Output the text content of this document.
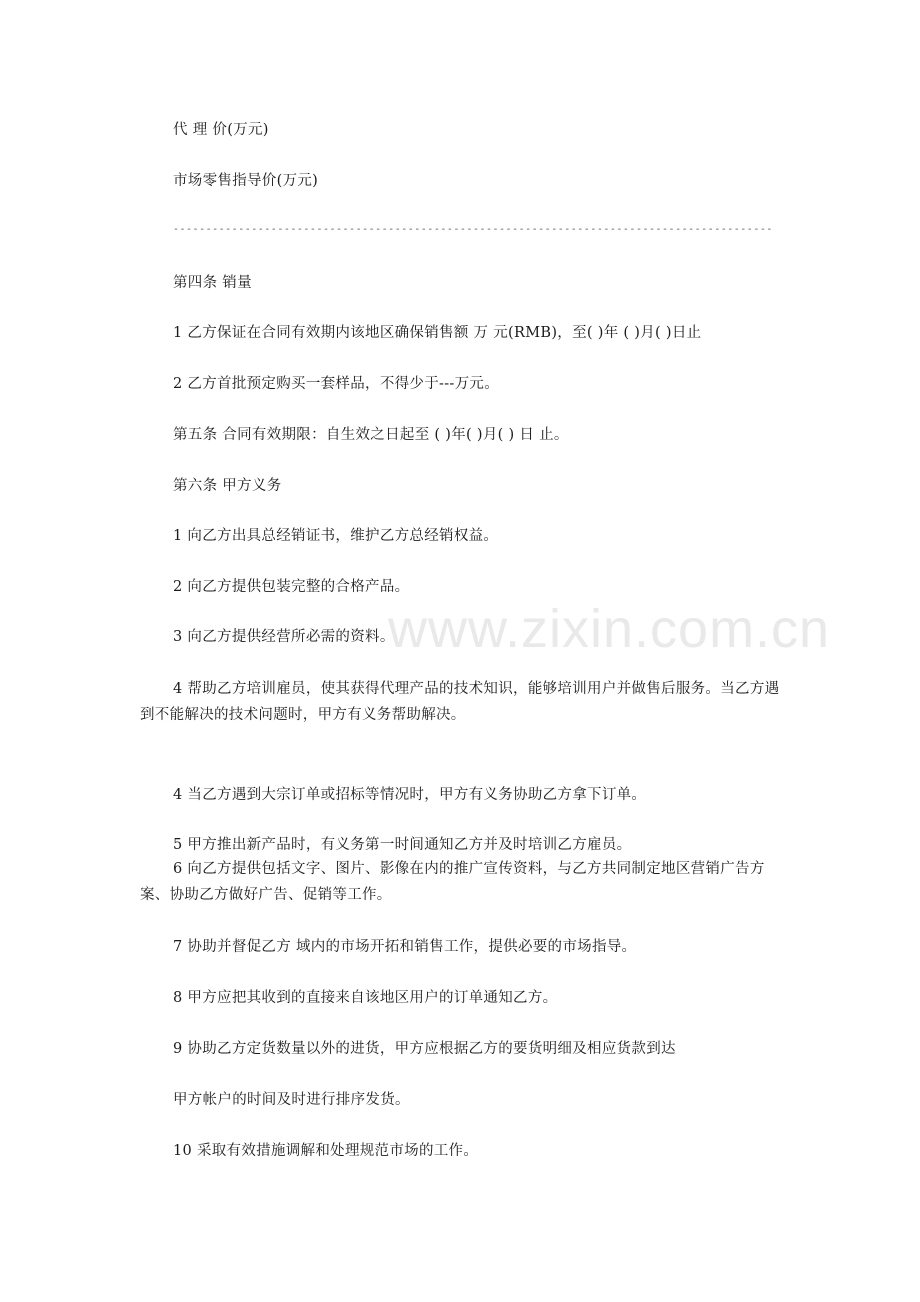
www.zixin.com.cn
代 理 价(万元)
市场零售指导价(万元)
--------------------------------------------------------------------------------------------
第四条 销量
1 乙方保证在合同有效期内该地区确保销售额 万 元(RMB)，至( )年 ( )月( )日止
2 乙方首批预定购买一套样品，不得少于---万元。
第五条 合同有效期限：自生效之日起至 ( )年( )月( ) 日 止。
第六条 甲方义务
1 向乙方出具总经销证书，维护乙方总经销权益。
2 向乙方提供包装完整的合格产品。
3 向乙方提供经营所必需的资料。
4 帮助乙方培训雇员，使其获得代理产品的技术知识，能够培训用户并做售后服务。当乙方遇到不能解决的技术问题时，甲方有义务帮助解决。
4 当乙方遇到大宗订单或招标等情况时，甲方有义务协助乙方拿下订单。
5 甲方推出新产品时，有义务第一时间通知乙方并及时培训乙方雇员。
6 向乙方提供包括文字、图片、影像在内的推广宣传资料，与乙方共同制定地区营销广告方案、协助乙方做好广告、促销等工作。
7 协助并督促乙方 域内的市场开拓和销售工作，提供必要的市场指导。
8 甲方应把其收到的直接来自该地区用户的订单通知乙方。
9 协助乙方定货数量以外的进货，甲方应根据乙方的要货明细及相应货款到达
甲方帐户的时间及时进行排序发货。
10 采取有效措施调解和处理规范市场的工作。
